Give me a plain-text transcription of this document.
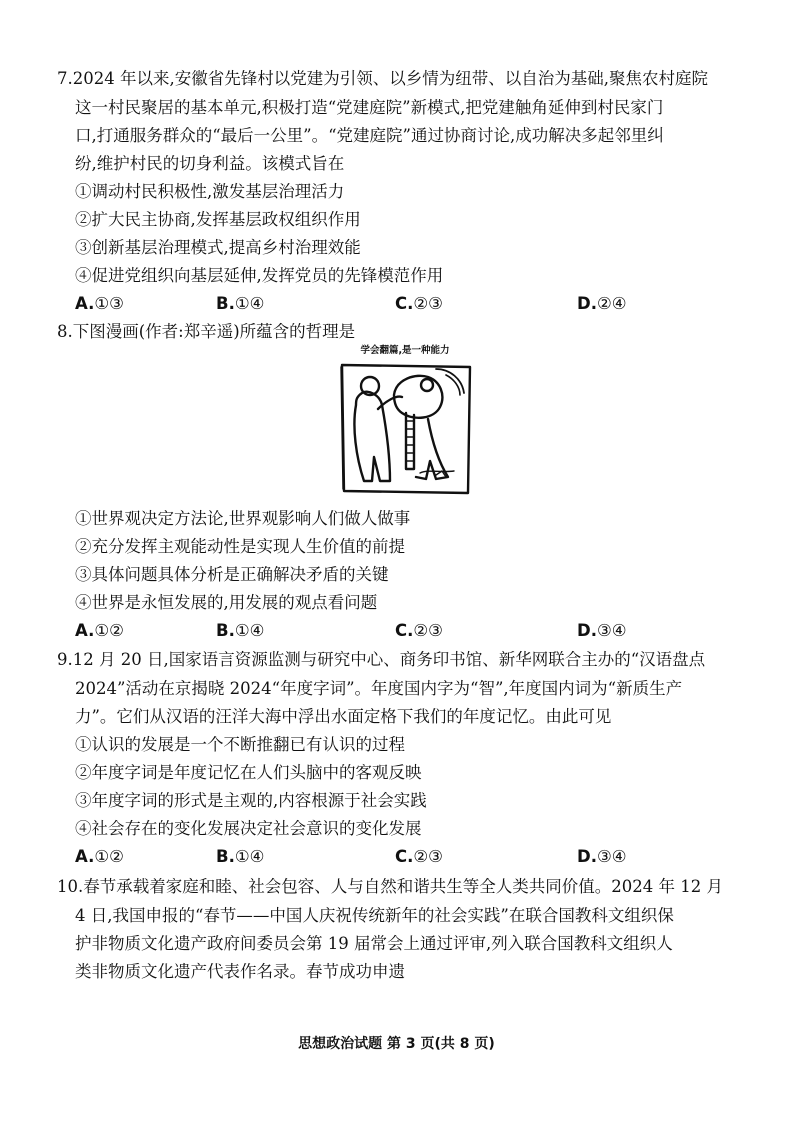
7.2024 年以来,安徽省先锋村以党建为引领、以乡情为纽带、以自治为基础,聚焦农村庭院
这一村民聚居的基本单元,积极打造“党建庭院”新模式,把党建触角延伸到村民家门
口,打通服务群众的“最后一公里”。“党建庭院”通过协商讨论,成功解决多起邻里纠
纷,维护村民的切身利益。该模式旨在
①调动村民积极性,激发基层治理活力
②扩大民主协商,发挥基层政权组织作用
③创新基层治理模式,提高乡村治理效能
④促进党组织向基层延伸,发挥党员的先锋模范作用
A.①③	B.①④	C.②③	D.②④
8.下图漫画(作者:郑辛遥)所蕴含的哲理是
学会翻篇,是一种能力
①世界观决定方法论,世界观影响人们做人做事
②充分发挥主观能动性是实现人生价值的前提
③具体问题具体分析是正确解决矛盾的关键
④世界是永恒发展的,用发展的观点看问题
A.①②	B.①④	C.②③	D.③④
9.12 月 20 日,国家语言资源监测与研究中心、商务印书馆、新华网联合主办的“汉语盘点
2024”活动在京揭晓 2024“年度字词”。年度国内字为“智”,年度国内词为“新质生产
力”。它们从汉语的汪洋大海中浮出水面定格下我们的年度记忆。由此可见
①认识的发展是一个不断推翻已有认识的过程
②年度字词是年度记忆在人们头脑中的客观反映
③年度字词的形式是主观的,内容根源于社会实践
④社会存在的变化发展决定社会意识的变化发展
A.①②	B.①④	C.②③	D.③④
10.春节承载着家庭和睦、社会包容、人与自然和谐共生等全人类共同价值。2024 年 12 月
4 日,我国申报的“春节——中国人庆祝传统新年的社会实践”在联合国教科文组织保
护非物质文化遗产政府间委员会第 19 届常会上通过评审,列入联合国教科文组织人
类非物质文化遗产代表作名录。春节成功申遗
思想政治试题 第 3 页(共 8 页)
